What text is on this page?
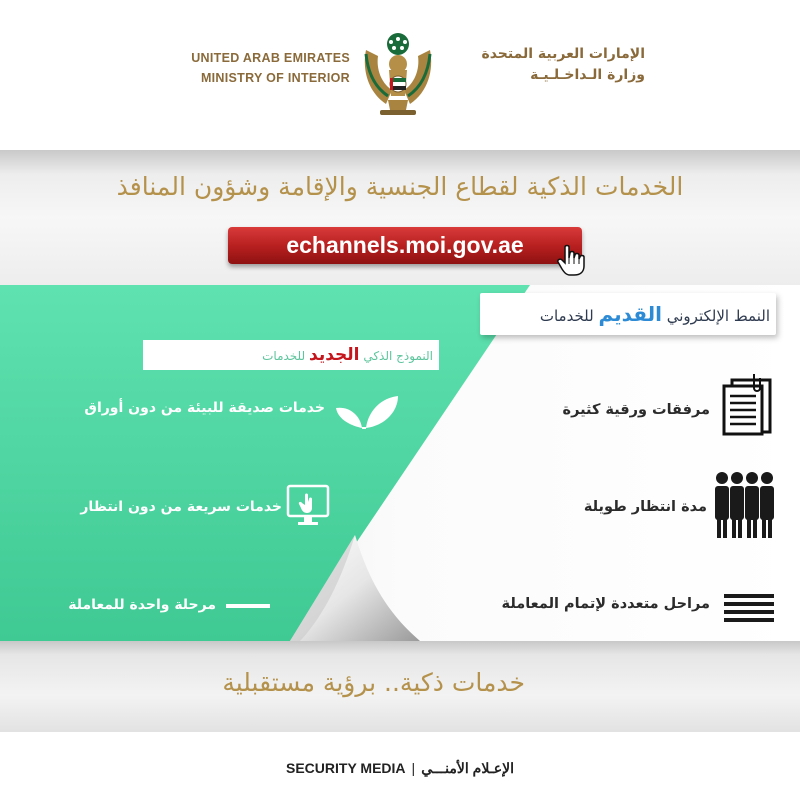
UNITED ARAB EMIRATES
MINISTRY OF INTERIOR
الإمارات العربية المتحدة
وزارة الـداخـلـيـة
الخدمات الذكية لقطاع الجنسية والإقامة وشؤون المنافذ
echannels.moi.gov.ae
النمط الإلكتروني القديم للخدمات
النموذج الذكي الجديد للخدمات
خدمات صديقة للبيئة من دون أوراق
خدمات سريعة من دون انتظار
مرحلة واحدة للمعاملة
مرفقات ورقية كثيرة
مدة انتظار طويلة
مراحل متعددة لإتمام المعاملة
خدمات ذكية.. برؤية مستقبلية
SECURITY MEDIA | الإعـلام الأمنـــي
